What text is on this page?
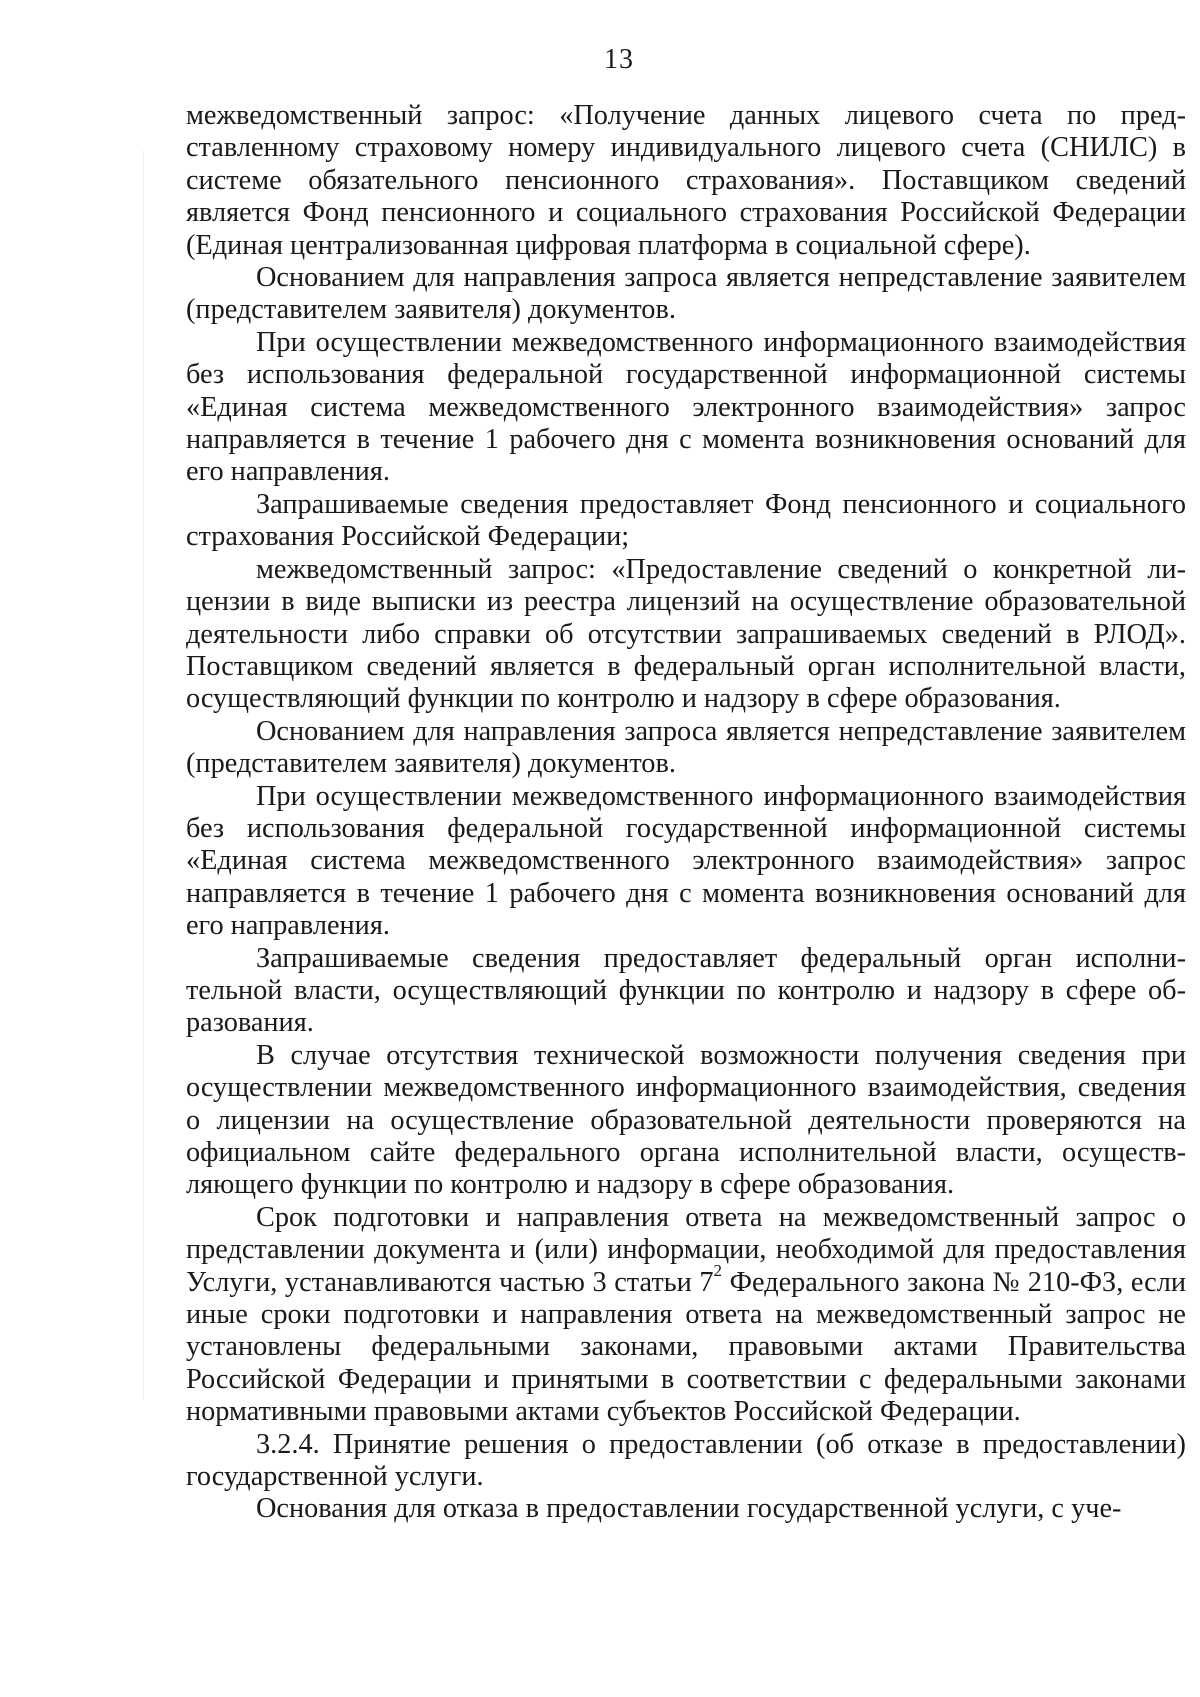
13

межведомственный запрос: «Получение данных лицевого счета по представленному страховому номеру индивидуального лицевого счета (СНИЛС) в системе обязательного пенсионного страхования». Поставщиком сведений является Фонд пенсионного и социального страхования Российской Федерации (Единая централизованная цифровая платформа в социальной сфере).

Основанием для направления запроса является непредставление заявителем (представителем заявителя) документов.

При осуществлении межведомственного информационного взаимодействия без использования федеральной государственной информационной системы «Единая система межведомственного электронного взаимодействия» запрос направляется в течение 1 рабочего дня с момента возникновения оснований для его направления.

Запрашиваемые сведения предоставляет Фонд пенсионного и социального страхования Российской Федерации;

межведомственный запрос: «Предоставление сведений о конкретной лицензии в виде выписки из реестра лицензий на осуществление образовательной деятельности либо справки об отсутствии запрашиваемых сведений в РЛОД». Поставщиком сведений является в федеральный орган исполнительной власти, осуществляющий функции по контролю и надзору в сфере образования.

Основанием для направления запроса является непредставление заявителем (представителем заявителя) документов.

При осуществлении межведомственного информационного взаимодействия без использования федеральной государственной информационной системы «Единая система межведомственного электронного взаимодействия» запрос направляется в течение 1 рабочего дня с момента возникновения оснований для его направления.

Запрашиваемые сведения предоставляет федеральный орган исполнительной власти, осуществляющий функции по контролю и надзору в сфере образования.

В случае отсутствия технической возможности получения сведения при осуществлении межведомственного информационного взаимодействия, сведения о лицензии на осуществление образовательной деятельности проверяются на официальном сайте федерального органа исполнительной власти, осуществляющего функции по контролю и надзору в сфере образования.

Срок подготовки и направления ответа на межведомственный запрос о представлении документа и (или) информации, необходимой для предоставления Услуги, устанавливаются частью 3 статьи $7^2$ Федерального закона № 210-ФЗ, если иные сроки подготовки и направления ответа на межведомственный запрос не установлены федеральными законами, правовыми актами Правительства Российской Федерации и принятыми в соответствии с федеральными законами нормативными правовыми актами субъектов Российской Федерации.

3.2.4. Принятие решения о предоставлении (об отказе в предоставлении) государственной услуги.

Основания для отказа в предоставлении государственной услуги, с уче-
